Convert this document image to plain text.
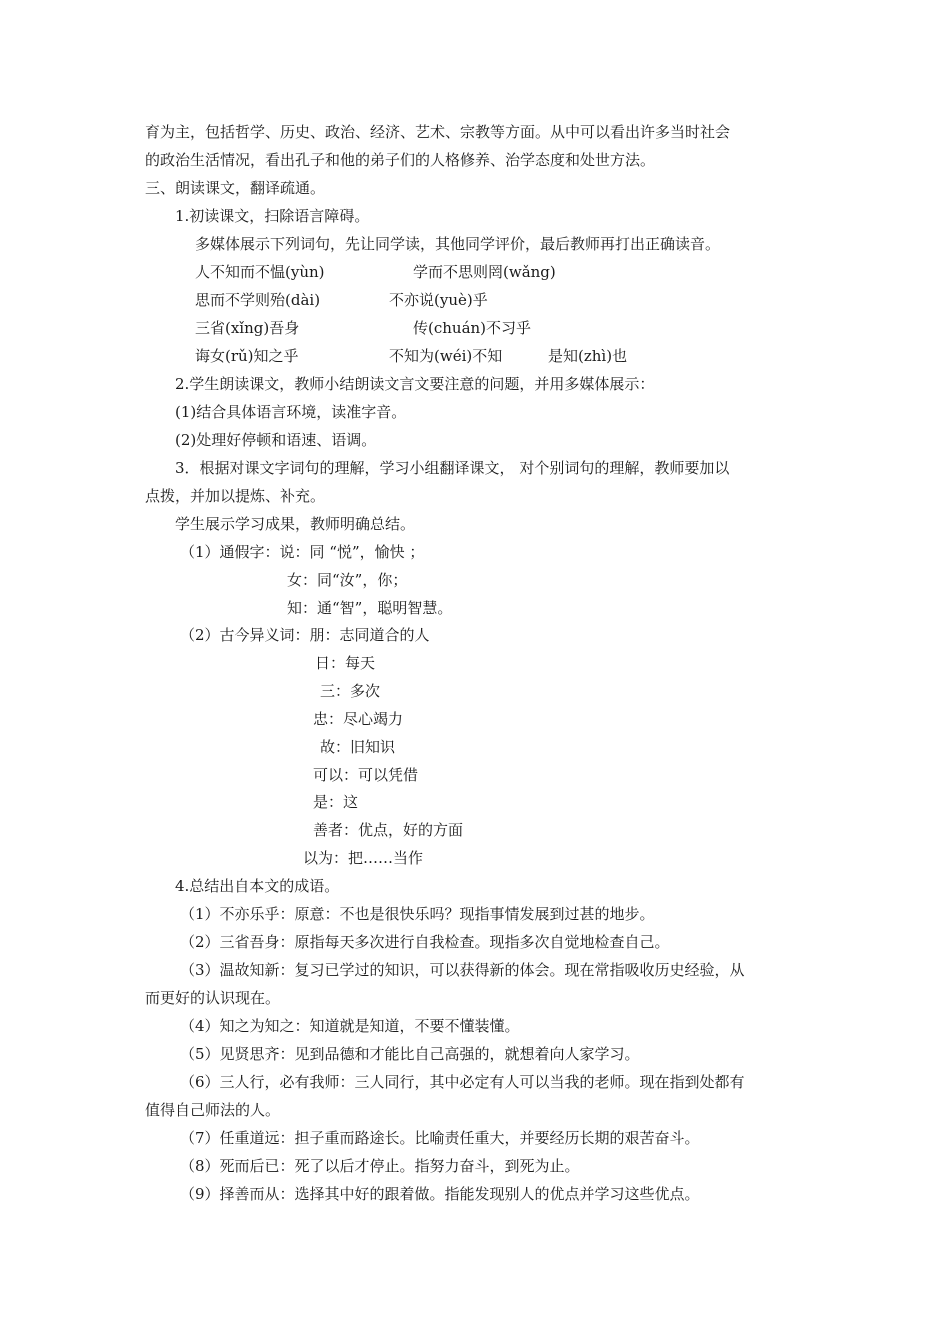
育为主，包括哲学、历史、政治、经济、艺术、宗教等方面。从中可以看出许多当时社会
的政治生活情况，看出孔子和他的弟子们的人格修养、治学态度和处世方法。
三、朗读课文，翻译疏通。
1.初读课文，扫除语言障碍。
多媒体展示下列词句，先让同学读，其他同学评价，最后教师再打出正确读音。
人不知而不愠(yùn)	学而不思则罔(wǎng)
思而不学则殆(dài)	不亦说(yuè)乎
三省(xǐng)吾身	传(chuán)不习乎
诲女(rǔ)知之乎	不知为(wéi)不知	是知(zhì)也
2.学生朗读课文，教师小结朗读文言文要注意的问题，并用多媒体展示：
(1)结合具体语言环境，读准字音。
(2)处理好停顿和语速、语调。
3．根据对课文字词句的理解，学习小组翻译课文， 对个别词句的理解，教师要加以
点拨，并加以提炼、补充。
学生展示学习成果，教师明确总结。
（1）通假字：说：同 “悦”，愉快 ；
女：同“汝”，你；
知：通“智”，聪明智慧。
（2）古今异义词：朋：志同道合的人
日：每天
三：多次
忠：尽心竭力
故：旧知识
可以：可以凭借
是：这
善者：优点，好的方面
以为：把……当作
4.总结出自本文的成语。
（1）不亦乐乎：原意：不也是很快乐吗？现指事情发展到过甚的地步。
（2）三省吾身：原指每天多次进行自我检查。现指多次自觉地检查自己。
（3）温故知新：复习已学过的知识，可以获得新的体会。现在常指吸收历史经验，从
而更好的认识现在。
（4）知之为知之：知道就是知道，不要不懂装懂。
（5）见贤思齐：见到品德和才能比自己高强的，就想着向人家学习。
（6）三人行，必有我师：三人同行，其中必定有人可以当我的老师。现在指到处都有
值得自己师法的人。
（7）任重道远：担子重而路途长。比喻责任重大，并要经历长期的艰苦奋斗。
（8）死而后已：死了以后才停止。指努力奋斗，到死为止。
（9）择善而从：选择其中好的跟着做。指能发现别人的优点并学习这些优点。
